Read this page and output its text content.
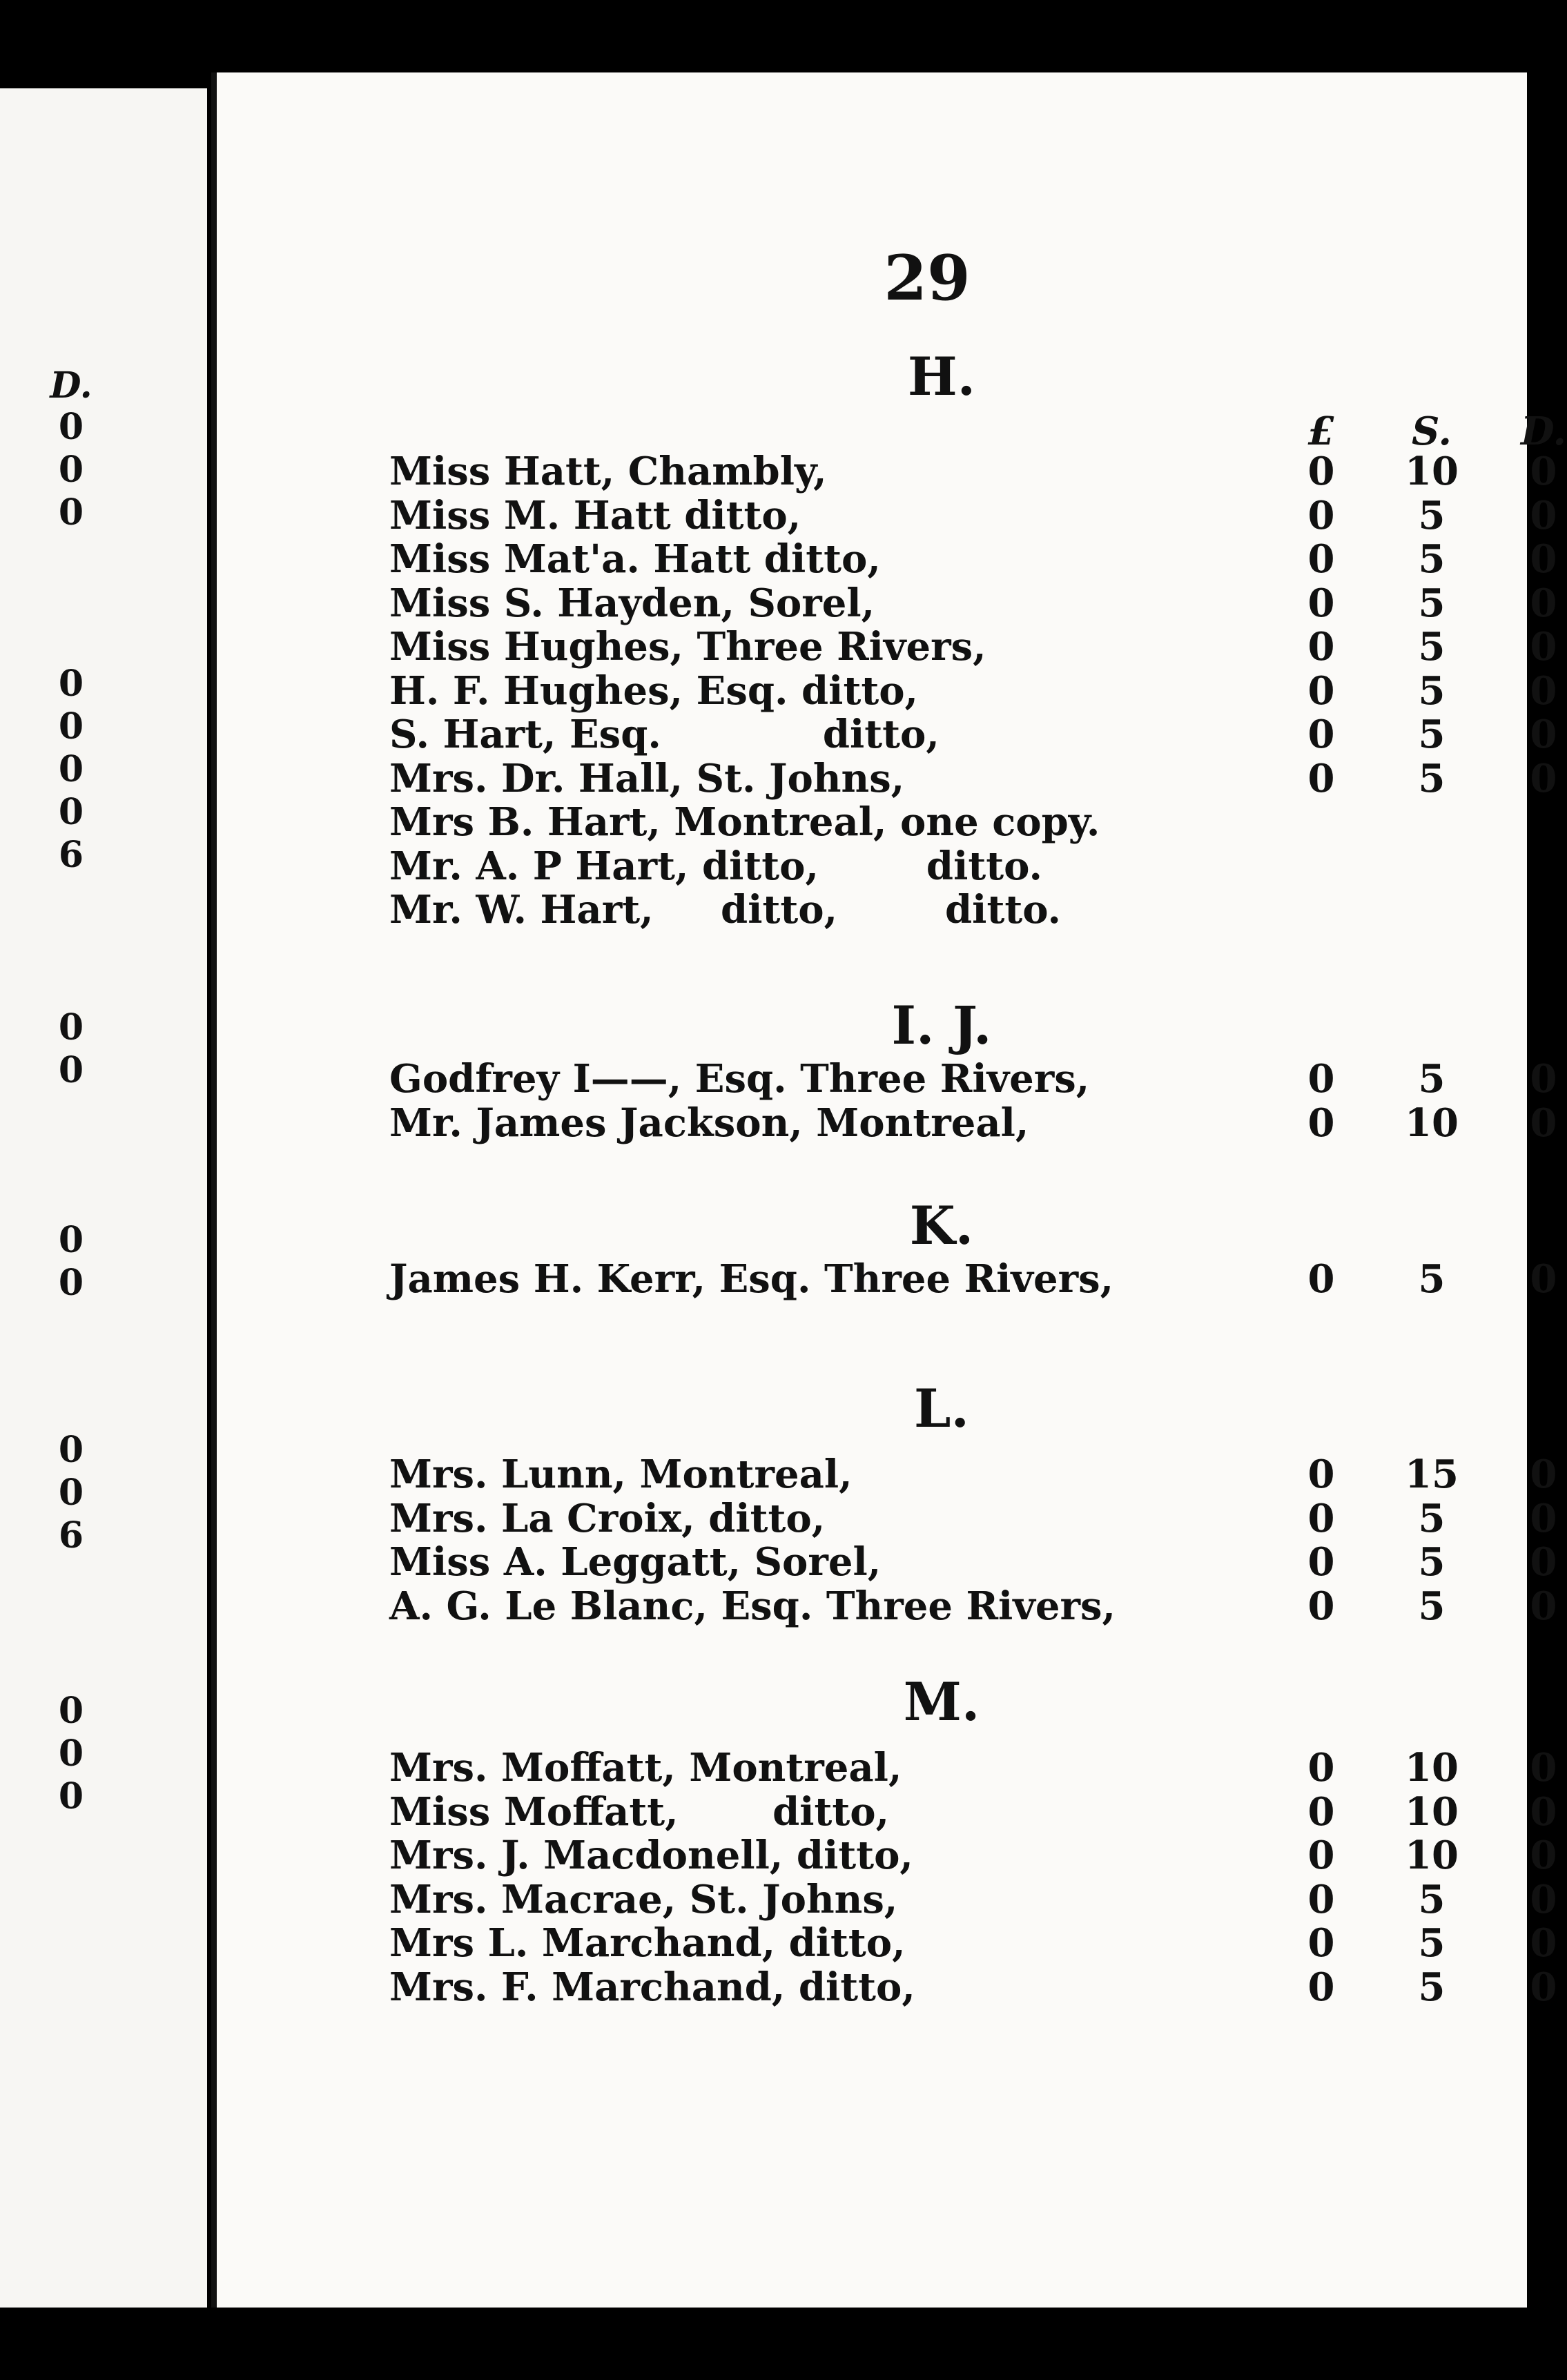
D.
0
0
0
0
0
0
0
6
0
0
0
0
0
0
6
0
0
0
29
H.
£	S.	D.
Miss Hatt, Chambly,	0	10	0
Miss M. Hatt ditto,	0	5	0
Miss Mat'a. Hatt ditto,	0	5	0
Miss S. Hayden, Sorel,	0	5	0
Miss Hughes, Three Rivers,	0	5	0
H. F. Hughes, Esq. ditto,	0	5	0
S. Hart, Esq.            ditto,	0	5	0
Mrs. Dr. Hall, St. Johns,	0	5	0
Mrs B. Hart, Montreal, one copy.
Mr. A. P Hart, ditto,        ditto.
Mr. W. Hart,     ditto,        ditto.
I. J.
Godfrey I——, Esq. Three Rivers,	0	5	0
Mr. James Jackson, Montreal,	0	10	0
K.
James H. Kerr, Esq. Three Rivers,	0	5	0
L.
Mrs. Lunn, Montreal,	0	15	0
Mrs. La Croix, ditto,	0	5	0
Miss A. Leggatt, Sorel,	0	5	0
A. G. Le Blanc, Esq. Three Rivers,	0	5	0
M.
Mrs. Moffatt, Montreal,	0	10	0
Miss Moffatt,       ditto,	0	10	0
Mrs. J. Macdonell, ditto,	0	10	0
Mrs. Macrae, St. Johns,	0	5	0
Mrs L. Marchand, ditto,	0	5	0
Mrs. F. Marchand, ditto,	0	5	0
